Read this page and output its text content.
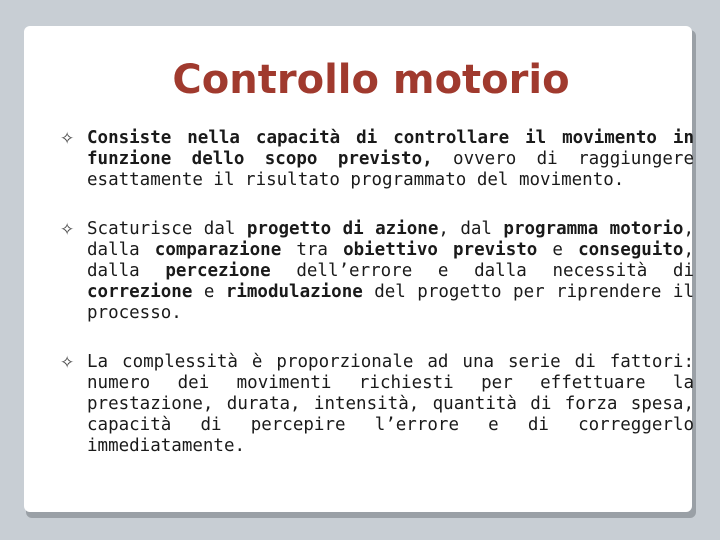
Controllo motorio
✧ Consiste nella capacità di controllare il movimento in funzione dello scopo previsto, ovvero di raggiungere esattamente il risultato programmato del movimento.
✧ Scaturisce dal progetto di azione, dal programma motorio, dalla comparazione tra obiettivo previsto e conseguito, dalla percezione dell’errore e dalla necessità di correzione e rimodulazione del progetto per riprendere il processo.
✧ La complessità è proporzionale ad una serie di fattori: numero dei movimenti richiesti per effettuare la prestazione, durata, intensità, quantità di forza spesa, capacità di percepire l’errore e di correggerlo immediatamente.
